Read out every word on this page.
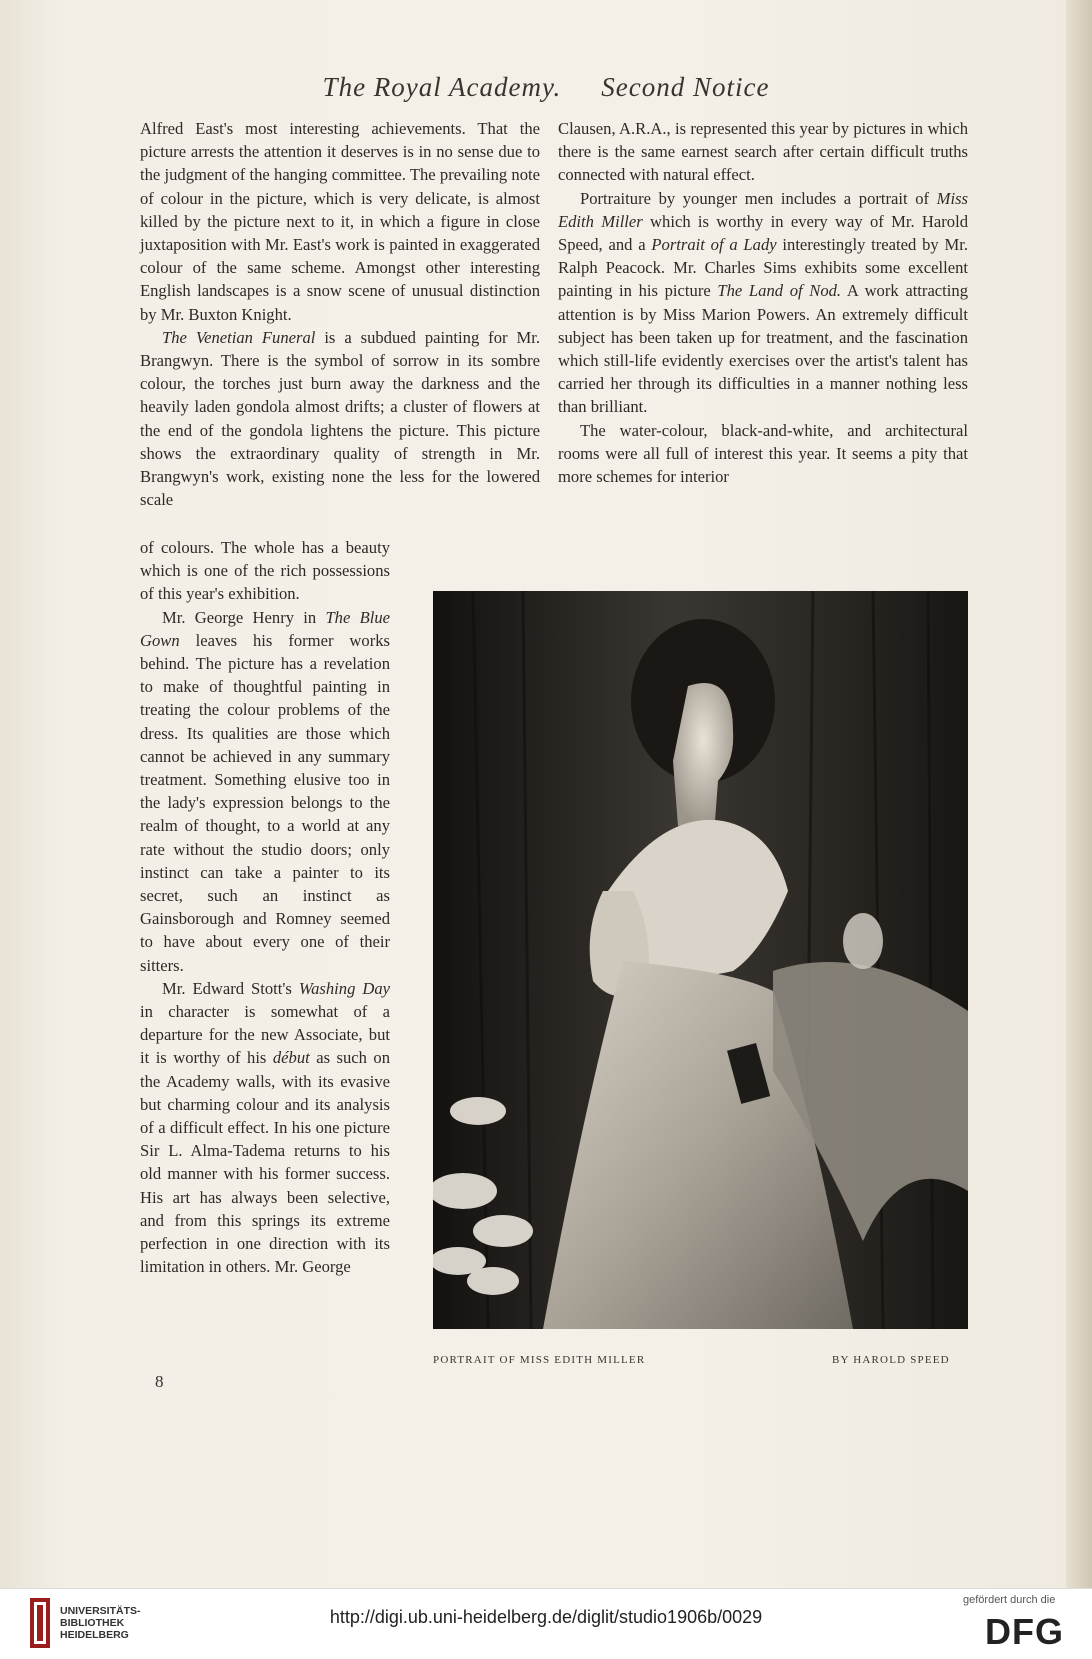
The Royal Academy. Second Notice

Alfred East's most interesting achievements. That the picture arrests the attention it deserves is in no sense due to the judgment of the hanging committee. The prevailing note of colour in the picture, which is very delicate, is almost killed by the picture next to it, in which a figure in close juxtaposition with Mr. East's work is painted in exaggerated colour of the same scheme. Amongst other interesting English landscapes is a snow scene of unusual distinction by Mr. Buxton Knight.

The Venetian Funeral is a subdued painting for Mr. Brangwyn. There is the symbol of sorrow in its sombre colour, the torches just burn away the darkness and the heavily laden gondola almost drifts; a cluster of flowers at the end of the gondola lightens the picture. This picture shows the extraordinary quality of strength in Mr. Brangwyn's work, existing none the less for the lowered scale

of colours. The whole has a beauty which is one of the rich possessions of this year's exhibition.

Mr. George Henry in The Blue Gown leaves his former works behind. The picture has a revelation to make of thoughtful painting in treating the colour problems of the dress. Its qualities are those which cannot be achieved in any summary treatment. Something elusive too in the lady's expression belongs to the realm of thought, to a world at any rate without the studio doors; only instinct can take a painter to its secret, such an instinct as Gainsborough and Romney seemed to have about every one of their sitters.

Mr. Edward Stott's Washing Day in character is somewhat of a departure for the new Associate, but it is worthy of his début as such on the Academy walls, with its evasive but charming colour and its analysis of a difficult effect. In his one picture Sir L. Alma-Tadema returns to his old manner with his former success. His art has always been selective, and from this springs its extreme perfection in one direction with its limitation in others. Mr. George

Clausen, A.R.A., is represented this year by pictures in which there is the same earnest search after certain difficult truths connected with natural effect.

Portraiture by younger men includes a portrait of Miss Edith Miller which is worthy in every way of Mr. Harold Speed, and a Portrait of a Lady interestingly treated by Mr. Ralph Peacock. Mr. Charles Sims exhibits some excellent painting in his picture The Land of Nod. A work attracting attention is by Miss Marion Powers. An extremely difficult subject has been taken up for treatment, and the fascination which still-life evidently exercises over the artist's talent has carried her through its difficulties in a manner nothing less than brilliant.

The water-colour, black-and-white, and architectural rooms were all full of interest this year. It seems a pity that more schemes for interior

PORTRAIT OF MISS EDITH MILLER	BY HAROLD SPEED
8
UNIVERSITÄTS-
BIBLIOTHEK
HEIDELBERG
http://digi.ub.uni-heidelberg.de/diglit/studio1906b/0029
gefördert durch die
DFG
